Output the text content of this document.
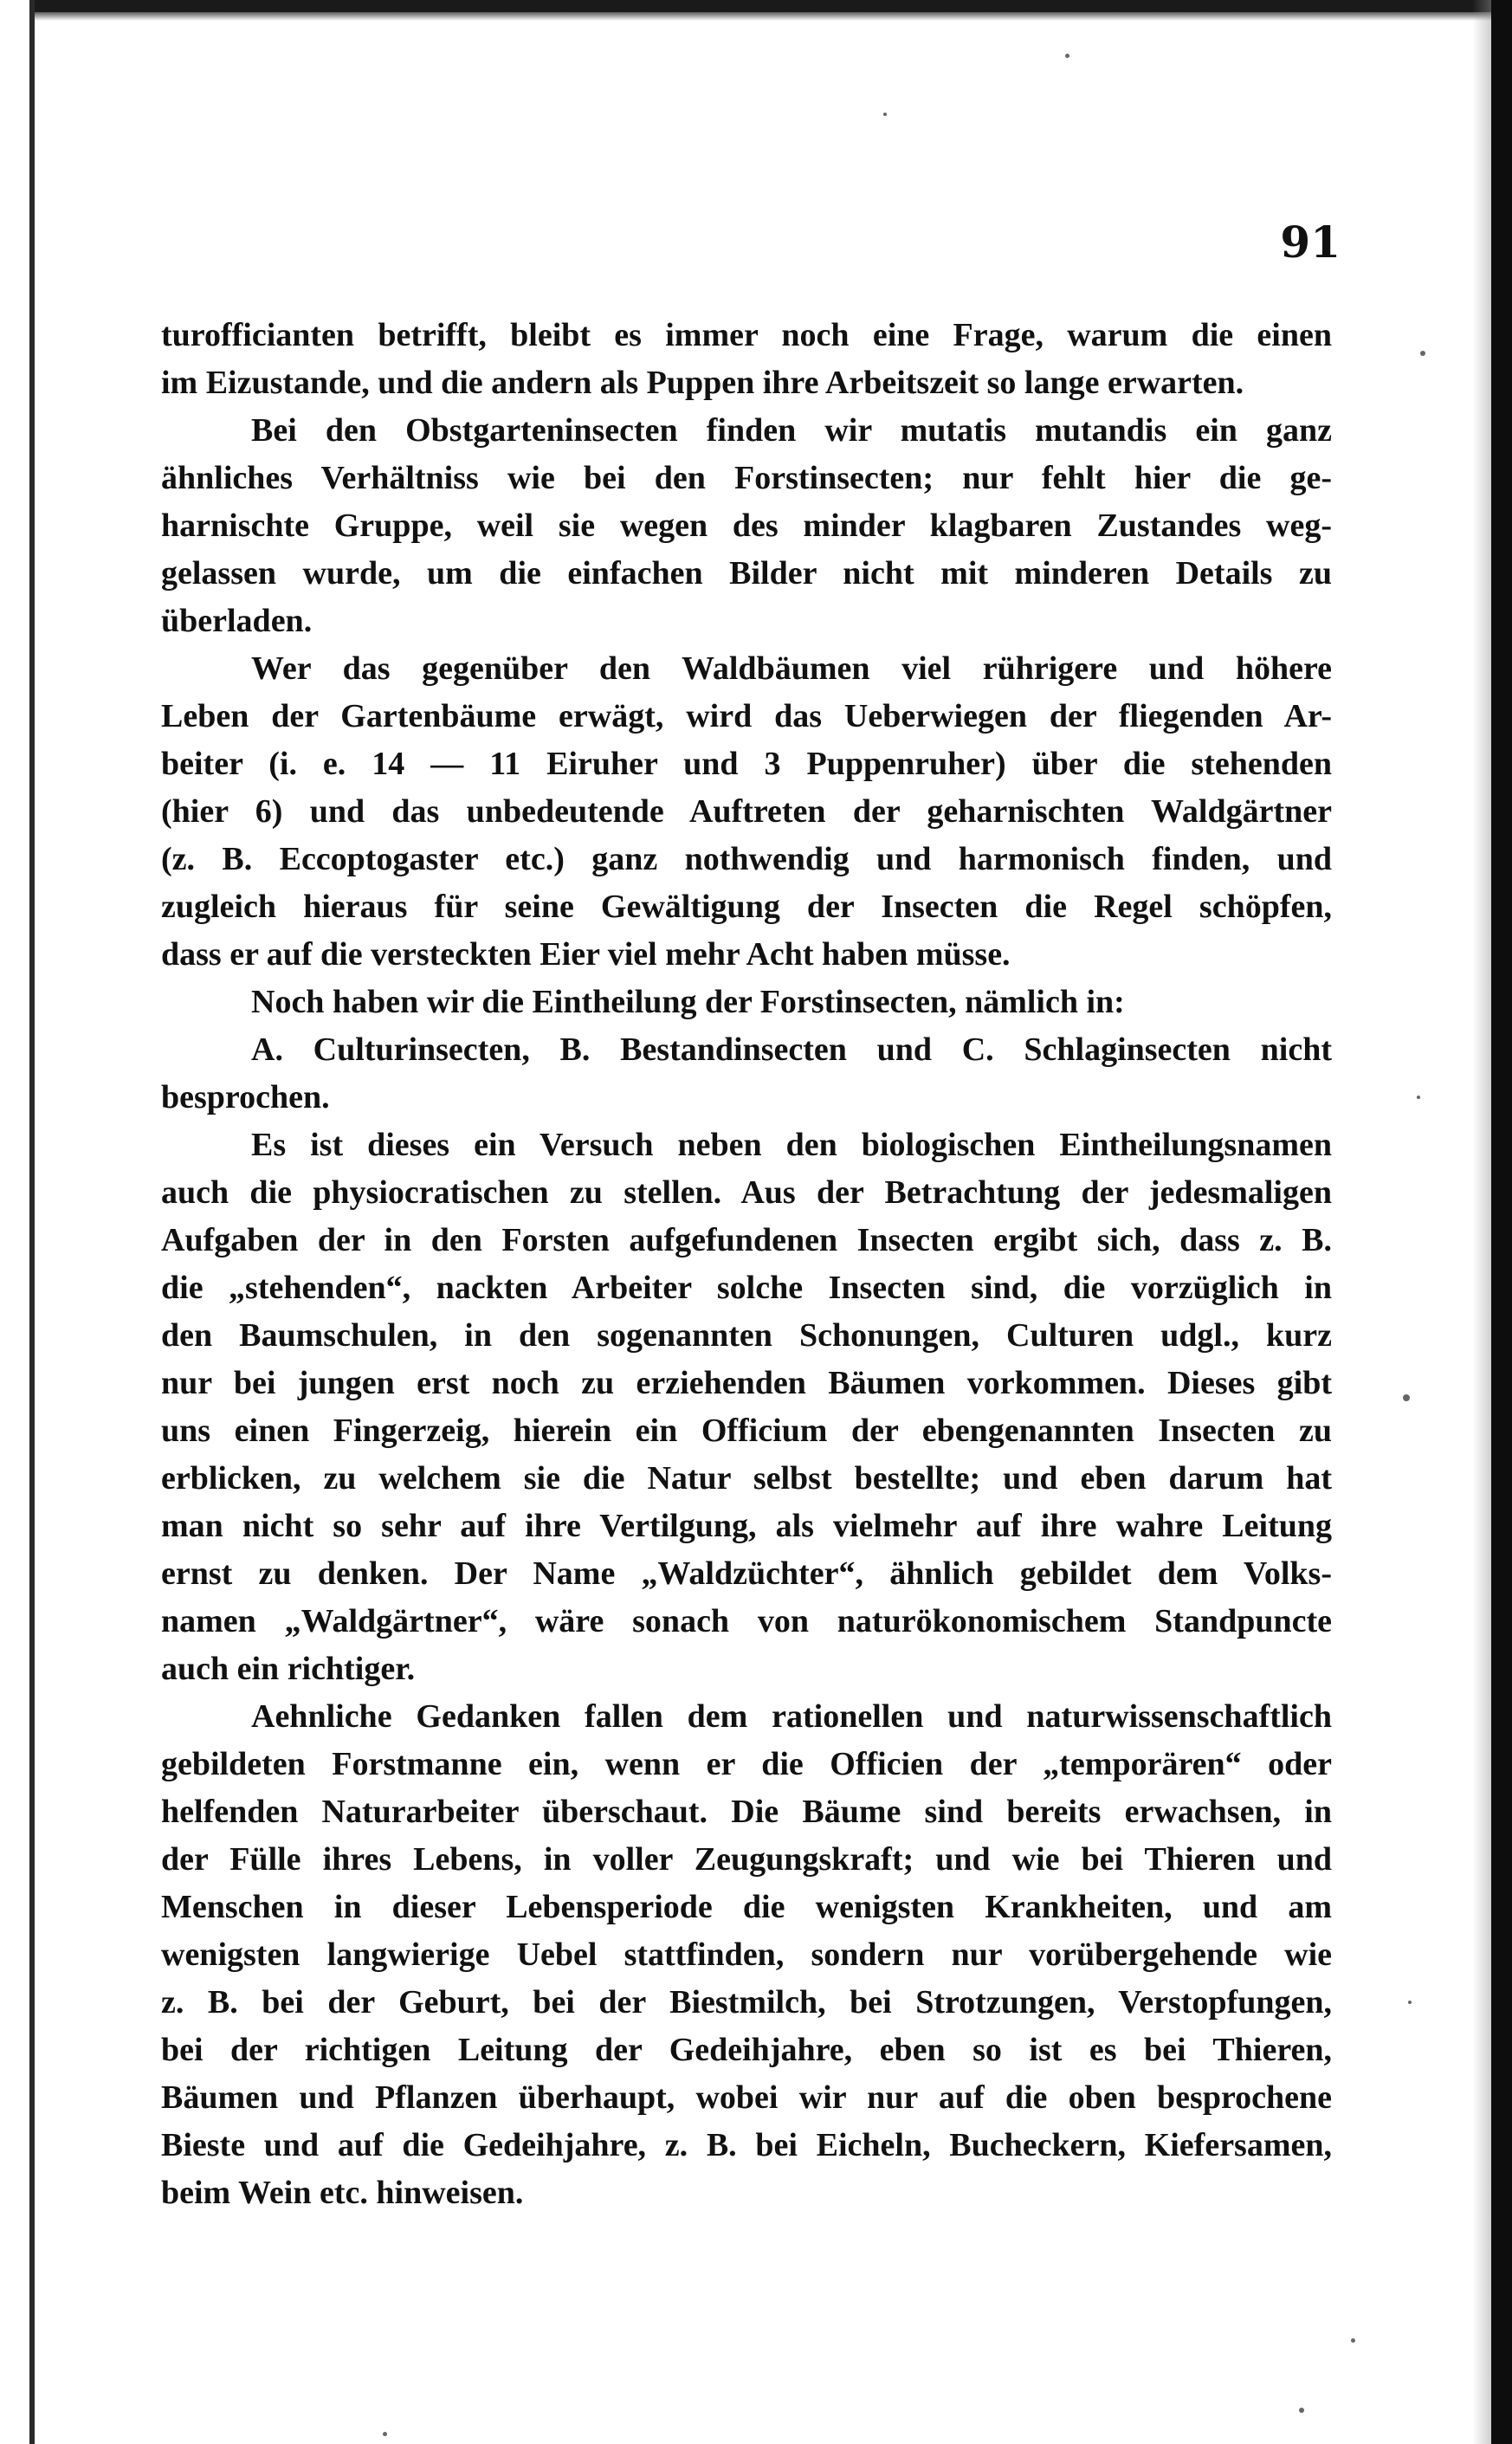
91
turofficianten betrifft, bleibt es immer noch eine Frage, warum die einen
im Eizustande, und die andern als Puppen ihre Arbeitszeit so lange erwarten.
Bei den Obstgarteninsecten finden wir mutatis mutandis ein ganz
ähnliches Verhältniss wie bei den Forstinsecten; nur fehlt hier die ge-
harnischte Gruppe, weil sie wegen des minder klagbaren Zustandes weg-
gelassen wurde, um die einfachen Bilder nicht mit minderen Details zu
überladen.
Wer das gegenüber den Waldbäumen viel rührigere und höhere
Leben der Gartenbäume erwägt, wird das Ueberwiegen der fliegenden Ar-
beiter (i. e. 14 — 11 Eiruher und 3 Puppenruher) über die stehenden
(hier 6) und das unbedeutende Auftreten der geharnischten Waldgärtner
(z. B. Eccoptogaster etc.) ganz nothwendig und harmonisch finden, und
zugleich hieraus für seine Gewältigung der Insecten die Regel schöpfen,
dass er auf die versteckten Eier viel mehr Acht haben müsse.
Noch haben wir die Eintheilung der Forstinsecten, nämlich in:
A. Culturinsecten, B. Bestandinsecten und C. Schlaginsecten nicht
besprochen.
Es ist dieses ein Versuch neben den biologischen Eintheilungsnamen
auch die physiocratischen zu stellen. Aus der Betrachtung der jedesmaligen
Aufgaben der in den Forsten aufgefundenen Insecten ergibt sich, dass z. B.
die „stehenden“, nackten Arbeiter solche Insecten sind, die vorzüglich in
den Baumschulen, in den sogenannten Schonungen, Culturen udgl., kurz
nur bei jungen erst noch zu erziehenden Bäumen vorkommen. Dieses gibt
uns einen Fingerzeig, hierein ein Officium der ebengenannten Insecten zu
erblicken, zu welchem sie die Natur selbst bestellte; und eben darum hat
man nicht so sehr auf ihre Vertilgung, als vielmehr auf ihre wahre Leitung
ernst zu denken. Der Name „Waldzüchter“, ähnlich gebildet dem Volks-
namen „Waldgärtner“, wäre sonach von naturökonomischem Standpuncte
auch ein richtiger.
Aehnliche Gedanken fallen dem rationellen und naturwissenschaftlich
gebildeten Forstmanne ein, wenn er die Officien der „temporären“ oder
helfenden Naturarbeiter überschaut. Die Bäume sind bereits erwachsen, in
der Fülle ihres Lebens, in voller Zeugungskraft; und wie bei Thieren und
Menschen in dieser Lebensperiode die wenigsten Krankheiten, und am
wenigsten langwierige Uebel stattfinden, sondern nur vorübergehende wie
z. B. bei der Geburt, bei der Biestmilch, bei Strotzungen, Verstopfungen,
bei der richtigen Leitung der Gedeihjahre, eben so ist es bei Thieren,
Bäumen und Pflanzen überhaupt, wobei wir nur auf die oben besprochene
Bieste und auf die Gedeihjahre, z. B. bei Eicheln, Bucheckern, Kiefersamen,
beim Wein etc. hinweisen.
